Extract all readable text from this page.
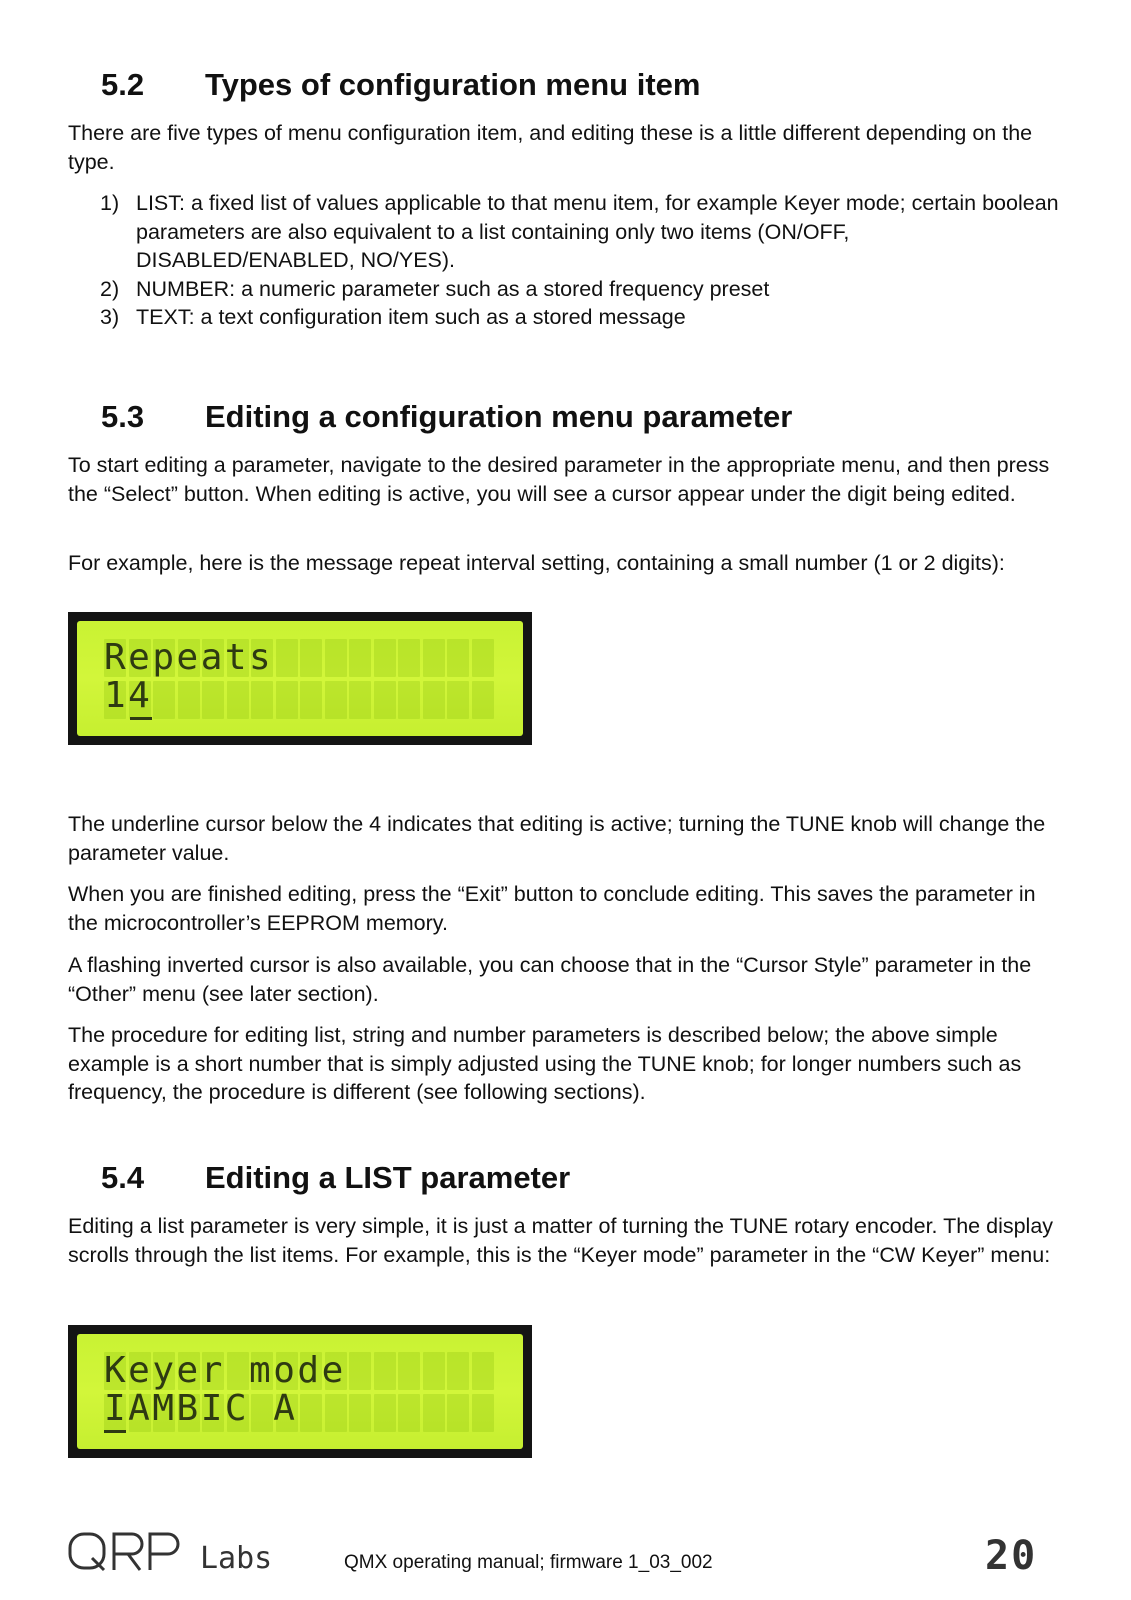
5.2 Types of configuration menu item

There are five types of menu configuration item, and editing these is a little different depending on the type.

1) LIST: a fixed list of values applicable to that menu item, for example Keyer mode; certain boolean parameters are also equivalent to a list containing only two items (ON/OFF, DISABLED/ENABLED, NO/YES).
2) NUMBER: a numeric parameter such as a stored frequency preset
3) TEXT: a text configuration item such as a stored message
5.3 Editing a configuration menu parameter

To start editing a parameter, navigate to the desired parameter in the appropriate menu, and then press the “Select” button. When editing is active, you will see a cursor appear under the digit being edited.

For example, here is the message repeat interval setting, containing a small number (1 or 2 digits):

Repeats
14

The underline cursor below the 4 indicates that editing is active; turning the TUNE knob will change the parameter value.

When you are finished editing, press the “Exit” button to conclude editing. This saves the parameter in the microcontroller’s EEPROM memory.

A flashing inverted cursor is also available, you can choose that in the “Cursor Style” parameter in the “Other” menu (see later section).

The procedure for editing list, string and number parameters is described below; the above simple example is a short number that is simply adjusted using the TUNE knob; for longer numbers such as frequency, the procedure is different (see following sections).

5.4 Editing a LIST parameter

Editing a list parameter is very simple, it is just a matter of turning the TUNE rotary encoder. The display scrolls through the list items. For example, this is the “Keyer mode” parameter in the “CW Keyer” menu:

Keyer mode
IAMBIC A
Labs	QMX operating manual; firmware 1_03_002	20
